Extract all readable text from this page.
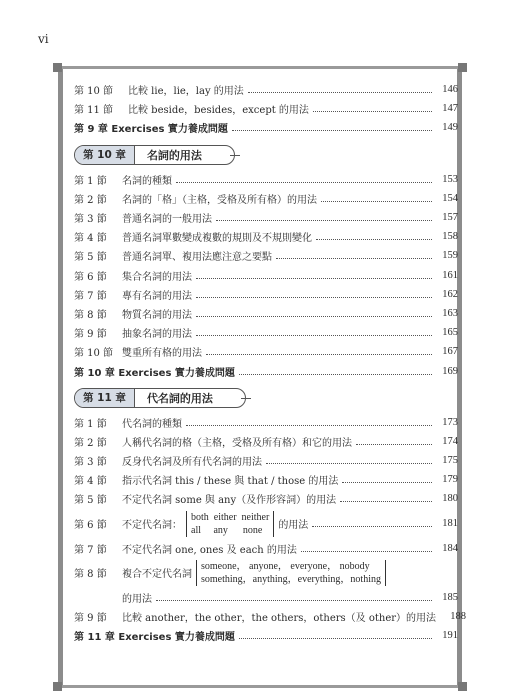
vi
第 10 節	比較 lie，lie，lay 的用法	146
第 11 節	比較 beside，besides，except 的用法	147
第 9 章 Exercises 實力養成問題	149
第 10 章	名詞的用法
第 1 節	名詞的種類	153
第 2 節	名詞的「格」（主格，受格及所有格）的用法	154
第 3 節	普通名詞的一般用法	157
第 4 節	普通名詞單數變成複數的規則及不規則變化	158
第 5 節	普通名詞單、複用法應注意之要點	159
第 6 節	集合名詞的用法	161
第 7 節	專有名詞的用法	162
第 8 節	物質名詞的用法	163
第 9 節	抽象名詞的用法	165
第 10 節 雙重所有格的用法	167
第 10 章 Exercises 實力養成問題	169
第 11 章	代名詞的用法
第 1 節	代名詞的種類	173
第 2 節	人稱代名詞的格（主格，受格及所有格）和它的用法	174
第 3 節	反身代名詞及所有代名詞的用法	175
第 4 節	指示代名詞 this / these 與 that / those 的用法	179
第 5 節	不定代名詞 some 與 any（及作形容詞）的用法	180
第 6 節	不定代名詞：
both  either  neither
all     any      none	的用法	181
第 7 節	不定代名詞 one, ones 及 each 的用法	184
第 8 節	複合不定代名詞
someone， anyone， everyone， nobody
something，anything，everything，nothing
的用法	185
第 9 節	比較 another，the other，the others，others（及 other）的用法	188
第 11 章 Exercises 實力養成問題	191
